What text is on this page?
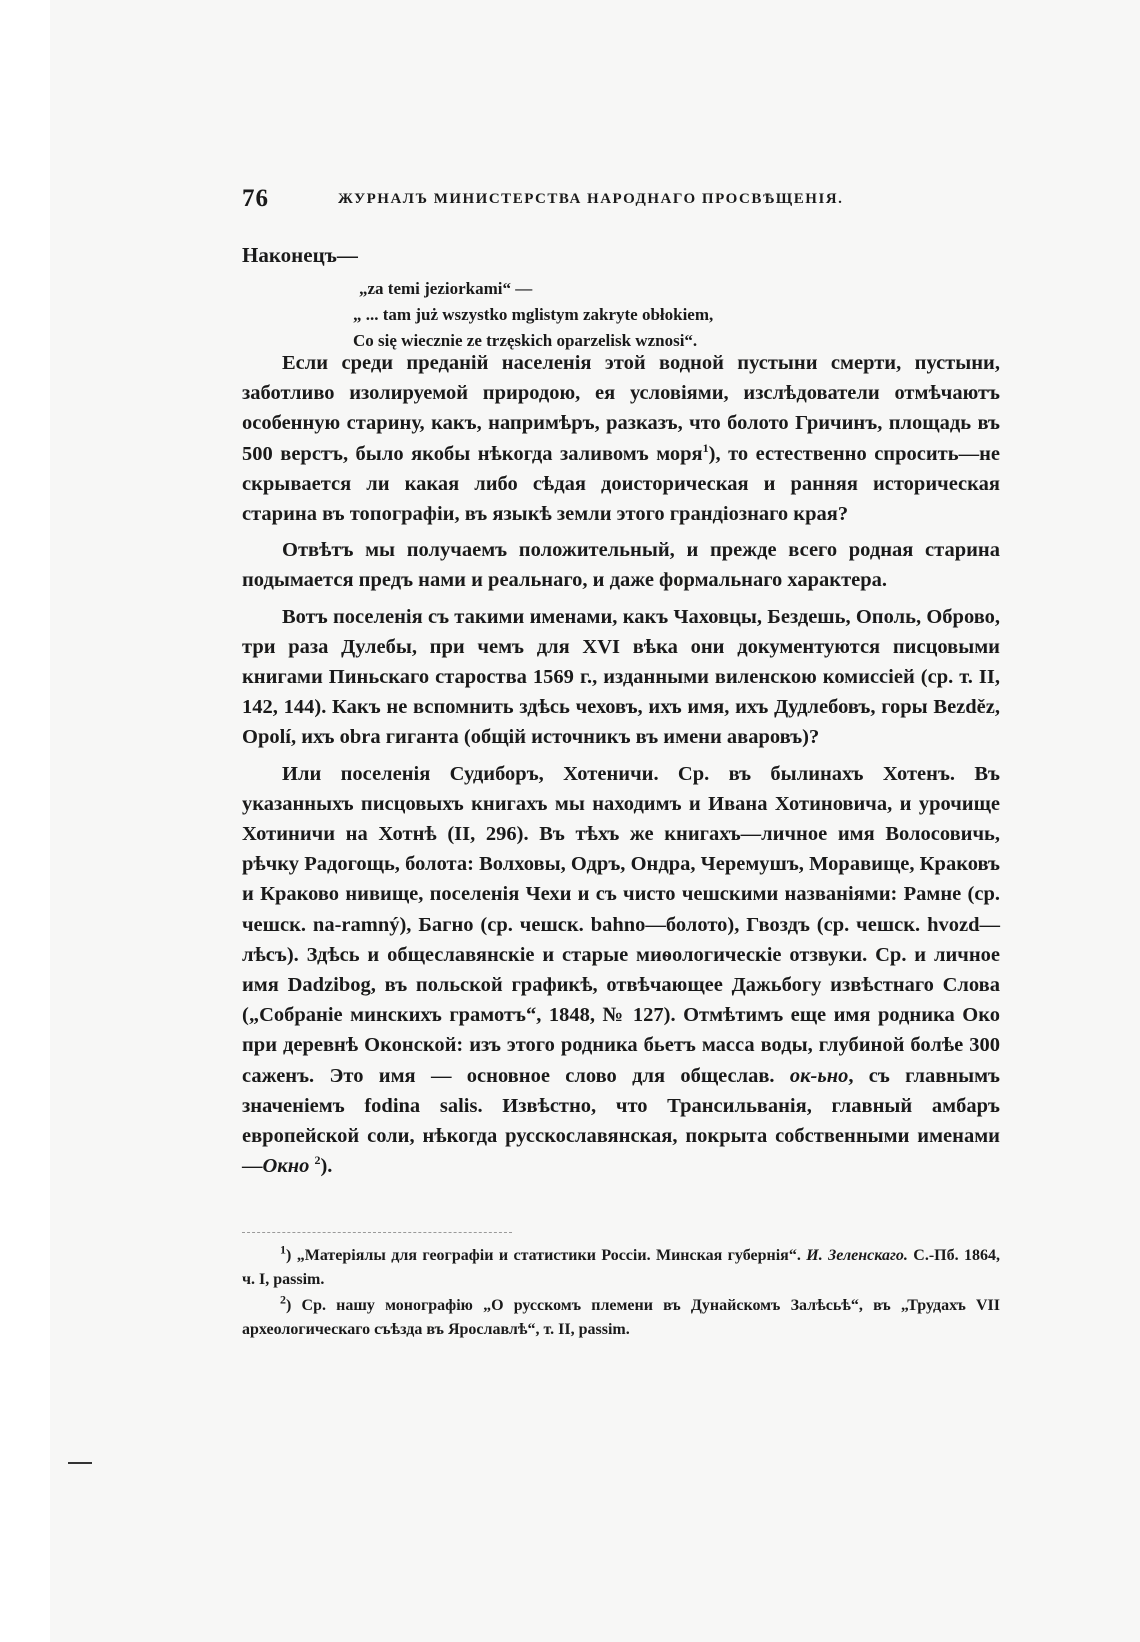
76	ЖУРНАЛЪ МИНИСТЕРСТВА НАРОДНАГО ПРОСВѢЩЕНІЯ.
Наконецъ—
„za temi jeziorkami“ —
„ ... tam już wszystko mglistym zakryte obłokiem,
Co się wiecznie ze trzęskich oparzelisk wznosi“.

Если среди преданій населенія этой водной пустыни смерти, пустыни, заботливо изолируемой природою, ея условіями, изслѣдователи отмѣчаютъ особенную старину, какъ, напримѣръ, разказъ, что болото Гричинъ, площадь въ 500 верстъ, было якобы нѣкогда заливомъ моря$^1$), то естественно спросить—не скрывается ли какая либо сѣдая доисторическая и ранняя историческая старина въ топографіи, въ языкѣ земли этого грандіознаго края?

Отвѣтъ мы получаемъ положительный, и прежде всего родная старина подымается предъ нами и реальнаго, и даже формальнаго характера.

Вотъ поселенія съ такими именами, какъ Чаховцы, Бездешь, Ополь, Оброво, три раза Дулебы, при чемъ для XVI вѣка они документуются писцовыми книгами Пиньскаго староства 1569 г., изданными виленскою комиссіей (ср. т. II, 142, 144). Какъ не вспомнить здѣсь чеховъ, ихъ имя, ихъ Дудлебовъ, горы Bezděz, Opolí, ихъ obra гиганта (общій источникъ въ имени аваровъ)?

Или поселенія Судиборъ, Хотеничи. Ср. въ былинахъ Хотенъ. Въ указанныхъ писцовыхъ книгахъ мы находимъ и Ивана Хотиновича, и урочище Хотиничи на Хотнѣ (II, 296). Въ тѣхъ же книгахъ—личное имя Волосовичь, рѣчку Радогощь, болота: Волховы, Одръ, Ондра, Черемушъ, Моравище, Краковъ и Краково нивище, поселенія Чехи и съ чисто чешскими названіями: Рамне (ср. чешск. na-ramný), Багно (ср. чешск. bahno—болото), Гвоздъ (ср. чешск. hvozd—лѣсъ). Здѣсь и общеславянскіе и старые миѳологическіе отзвуки. Ср. и личное имя Dadzibog, въ польской графикѣ, отвѣчающее Дажьбогу извѣстнаго Слова („Собраніе минскихъ грамотъ“, 1848, № 127). Отмѣтимъ еще имя родника Око при деревнѣ Оконской: изъ этого родника бьетъ масса воды, глубиной болѣе 300 саженъ. Это имя — основное слово для общеслав. ок-ьно, съ главнымъ значеніемъ fodina salis. Извѣстно, что Трансильванія, главный амбаръ европейской соли, нѣкогда русскославянская, покрыта собственными именами—Окно $^2$).

$^1$) „Матеріялы для географіи и статистики Россіи. Минская губернія“. И. Зеленскаго. С.-Пб. 1864, ч. I, passim.

$^2$) Ср. нашу монографію „О русскомъ племени въ Дунайскомъ Залѣсьѣ“, въ „Трудахъ VII археологическаго съѣзда въ Ярославлѣ“, т. II, passim.
